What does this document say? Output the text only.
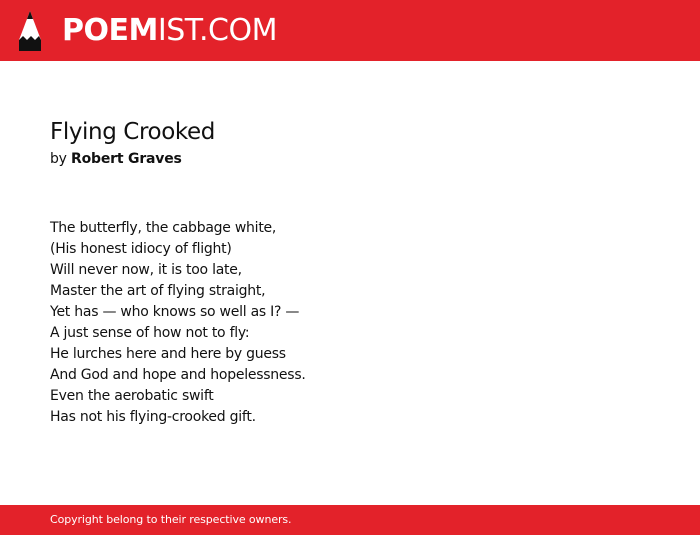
POEMIST.COM
Flying Crooked
by Robert Graves
The butterfly, the cabbage white,
(His honest idiocy of flight)
Will never now, it is too late,
Master the art of flying straight,
Yet has — who knows so well as I? —
A just sense of how not to fly:
He lurches here and here by guess
And God and hope and hopelessness.
Even the aerobatic swift
Has not his flying-crooked gift.
Copyright belong to their respective owners.
